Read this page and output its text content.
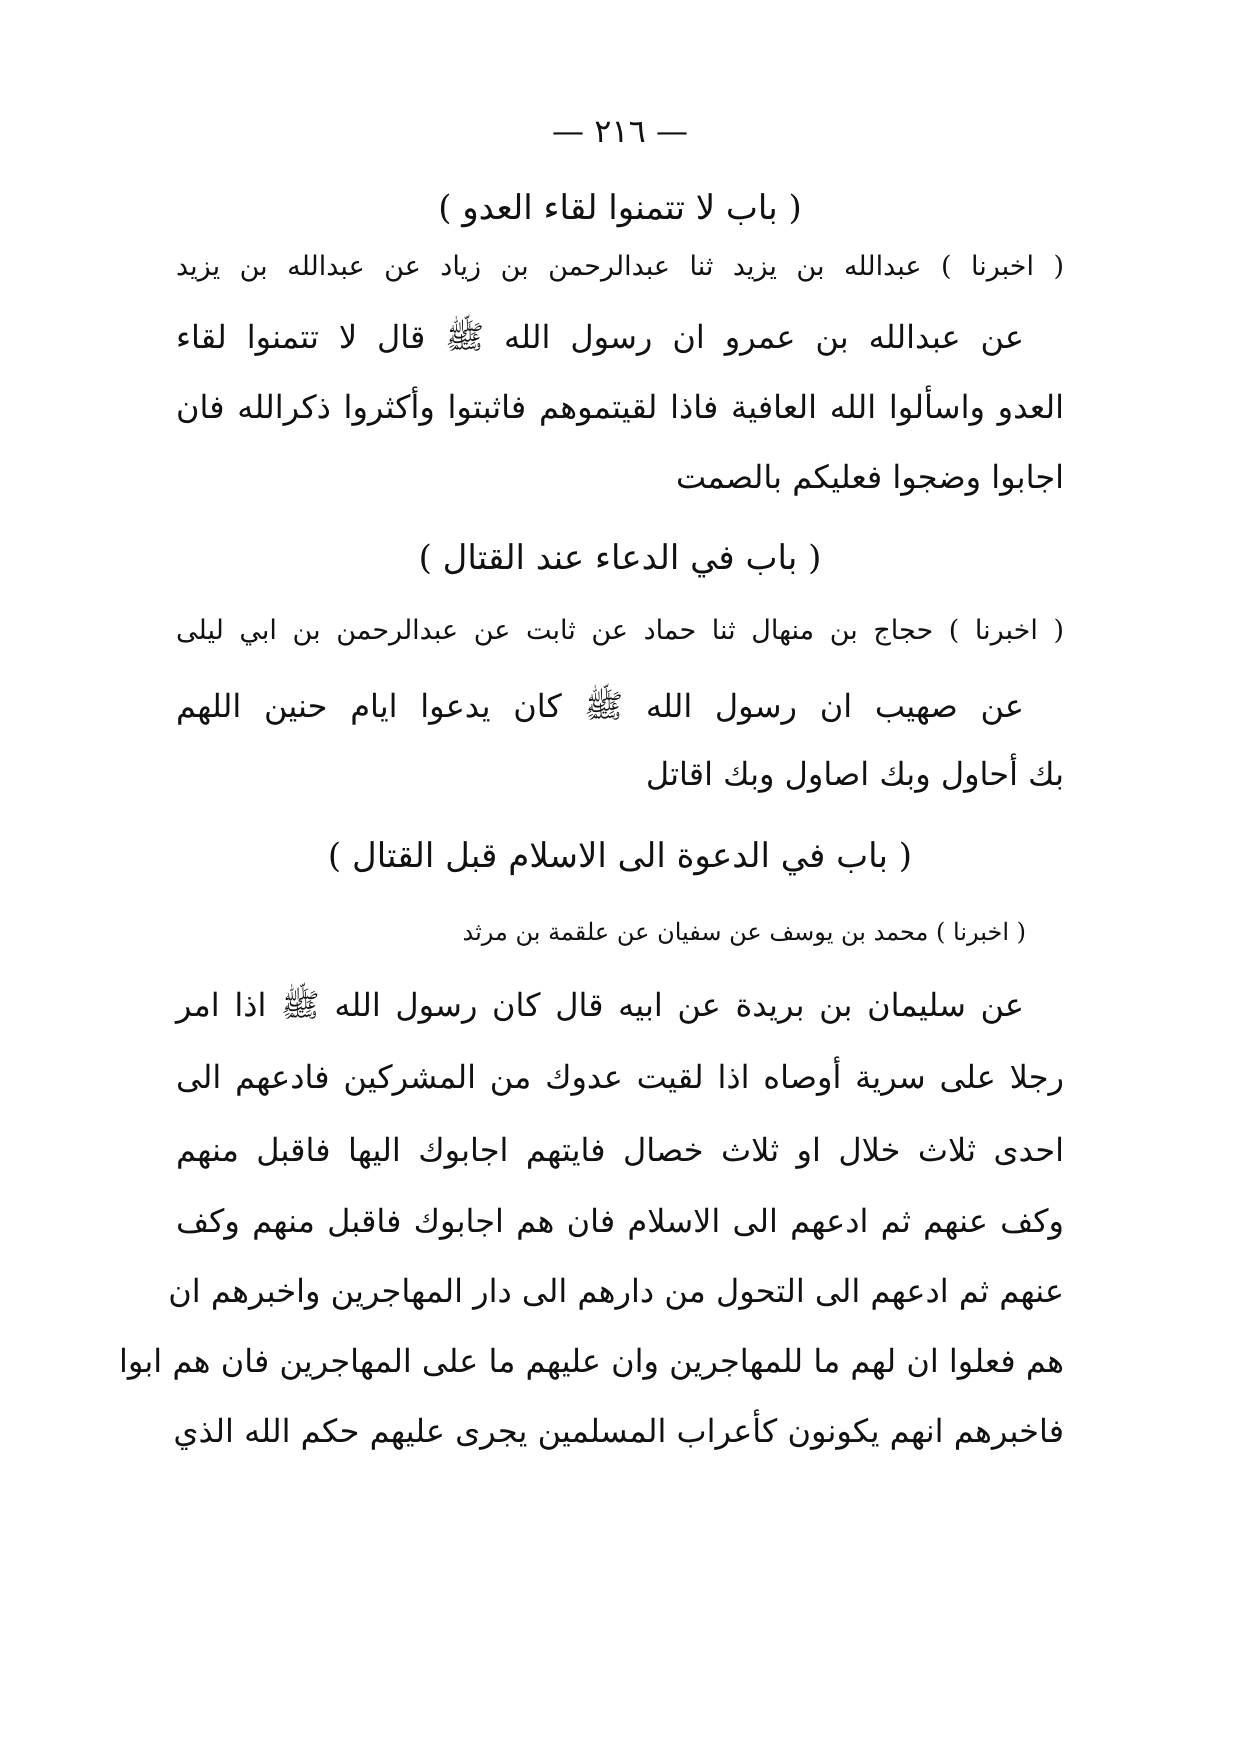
— ٢١٦ —
( باب لا تتمنوا لقاء العدو )
( اخبرنا ) عبدالله بن يزيد ثنا عبدالرحمن بن زياد عن عبدالله بن يزيد
عن عبدالله بن عمرو ان رسول الله ﷺ قال لا تتمنوا لقاء
العدو واسألوا الله العافية فاذا لقيتموهم فاثبتوا وأكثروا ذكرالله فان
اجابوا وضجوا فعليكم بالصمت
( باب في الدعاء عند القتال )
( اخبرنا ) حجاج بن منهال ثنا حماد عن ثابت عن عبدالرحمن بن ابي ليلى
عن صهيب ان رسول الله ﷺ كان يدعوا ايام حنين اللهم
بك أحاول وبك اصاول وبك اقاتل
( باب في الدعوة الى الاسلام قبل القتال )
( اخبرنا ) محمد بن يوسف عن سفيان عن علقمة بن مرثد
عن سليمان بن بريدة عن ابيه قال كان رسول الله ﷺ اذا امر
رجلا على سرية أوصاه اذا لقيت عدوك من المشركين فادعهم الى
احدى ثلاث خلال او ثلاث خصال فايتهم اجابوك اليها فاقبل منهم
وكف عنهم ثم ادعهم الى الاسلام فان هم اجابوك فاقبل منهم وكف
عنهم ثم ادعهم الى التحول من دارهم الى دار المهاجرين واخبرهم ان
هم فعلوا ان لهم ما للمهاجرين وان عليهم ما على المهاجرين فان هم ابوا
فاخبرهم انهم يكونون كأعراب المسلمين يجرى عليهم حكم الله الذي
